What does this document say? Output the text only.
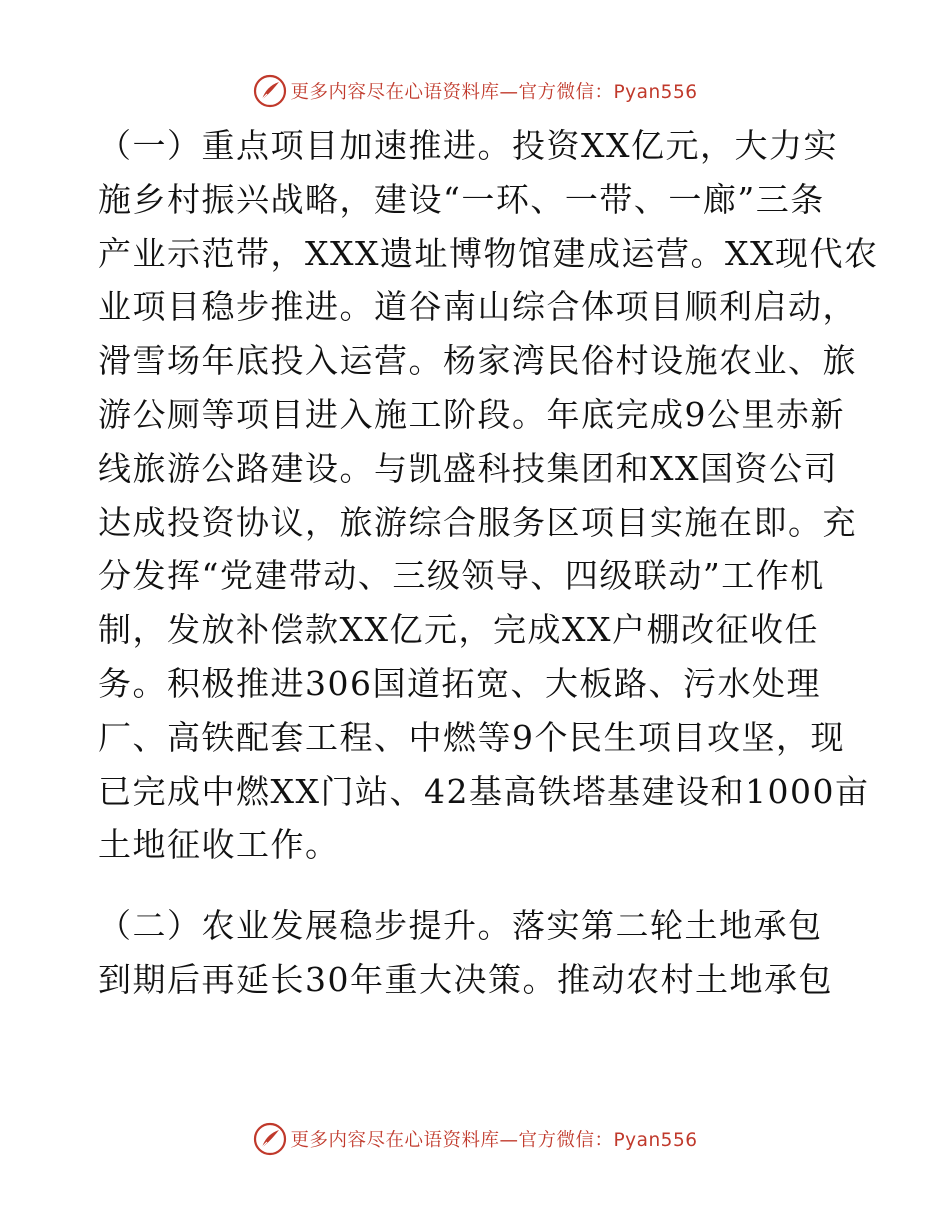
更多内容尽在心语资料库—官方微信：Pyan556

（一）重点项目加速推进。投资XX亿元，大力实
施乡村振兴战略，建设“一环、一带、一廊”三条
产业示范带，XXX遗址博物馆建成运营。XX现代农
业项目稳步推进。道谷南山综合体项目顺利启动，
滑雪场年底投入运营。杨家湾民俗村设施农业、旅
游公厕等项目进入施工阶段。年底完成9公里赤新
线旅游公路建设。与凯盛科技集团和XX国资公司
达成投资协议，旅游综合服务区项目实施在即。充
分发挥“党建带动、三级领导、四级联动”工作机
制，发放补偿款XX亿元，完成XX户棚改征收任
务。积极推进306国道拓宽、大板路、污水处理
厂、高铁配套工程、中燃等9个民生项目攻坚，现
已完成中燃XX门站、42基高铁塔基建设和1000亩
土地征收工作。

（二）农业发展稳步提升。落实第二轮土地承包
到期后再延长30年重大决策。推动农村土地承包

更多内容尽在心语资料库—官方微信：Pyan556
